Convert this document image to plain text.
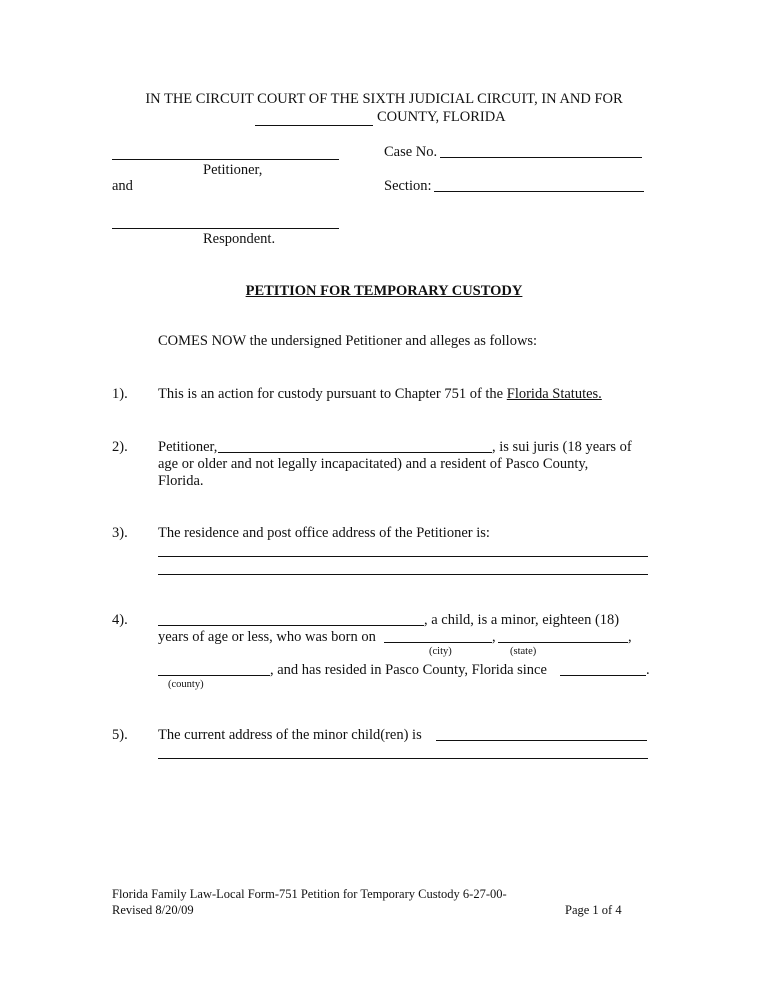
IN THE CIRCUIT COURT OF THE SIXTH JUDICIAL CIRCUIT, IN AND FOR
COUNTY, FLORIDA
Petitioner,
and
Respondent.
Case No.
Section:
PETITION FOR TEMPORARY CUSTODY
COMES NOW the undersigned Petitioner and alleges as follows:
1). This is an action for custody pursuant to Chapter 751 of the Florida Statutes.
2). Petitioner,	, is sui juris (18 years of
age or older and not legally incapacitated) and a resident of Pasco County,
Florida.
3). The residence and post office address of the Petitioner is:
4).	, a child, is a minor, eighteen (18)
years of age or less, who was born on	,	,
(city)	(state)
, and has resided in Pasco County, Florida since	.
(county)
5). The current address of the minor child(ren) is
Florida Family Law-Local Form-751 Petition for Temporary Custody 6-27-00-
Revised 8/20/09	Page 1 of 4
